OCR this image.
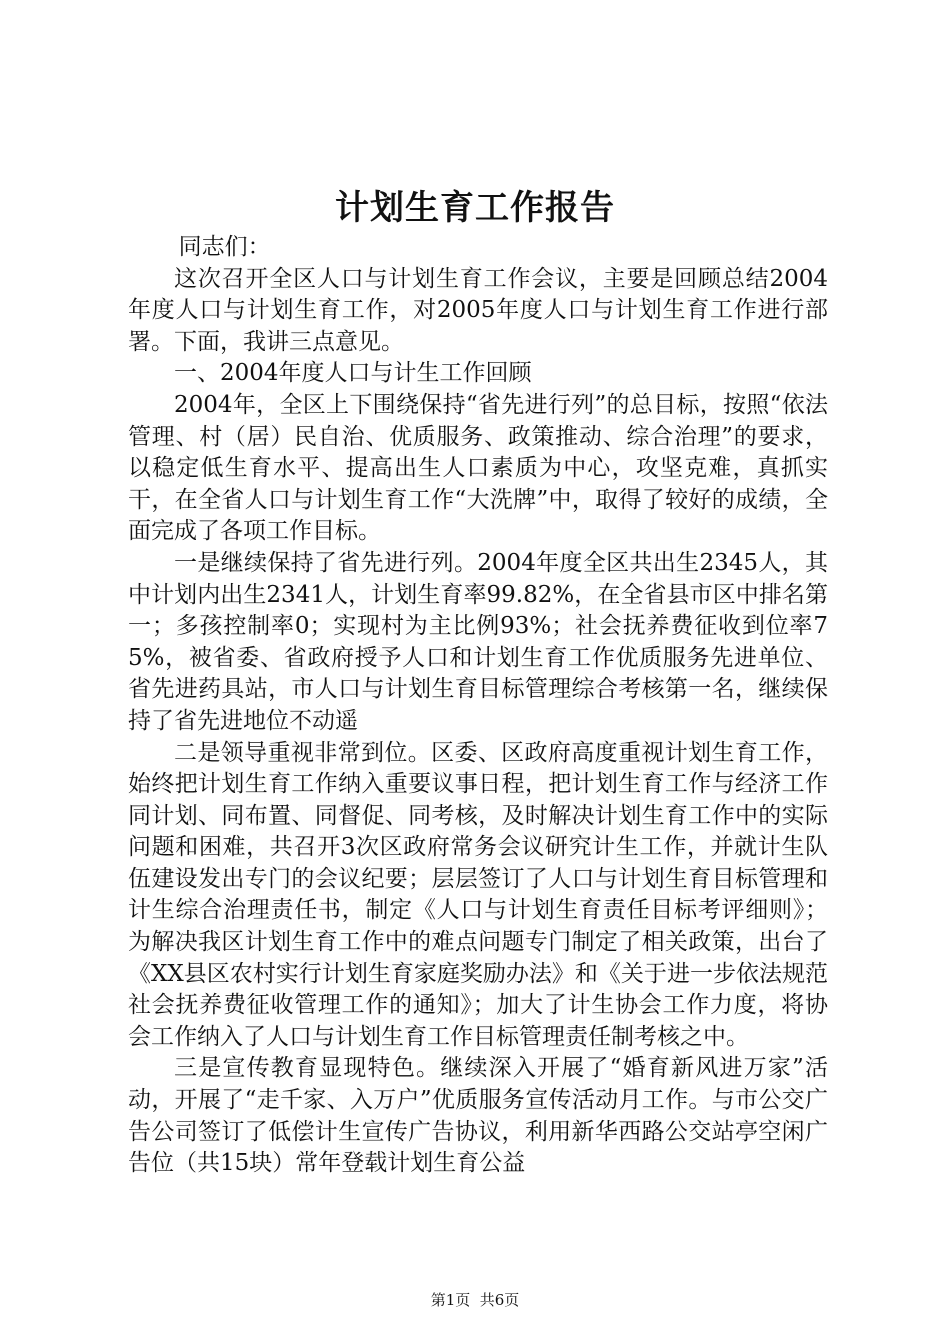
计划生育工作报告

同志们：

这次召开全区人口与计划生育工作会议，主要是回顾总结2004年度人口与计划生育工作，对2005年度人口与计划生育工作进行部署。下面，我讲三点意见。

一、2004年度人口与计生工作回顾

2004年，全区上下围绕保持“省先进行列”的总目标，按照“依法管理、村（居）民自治、优质服务、政策推动、综合治理”的要求，以稳定低生育水平、提高出生人口素质为中心，攻坚克难，真抓实干，在全省人口与计划生育工作“大洗牌”中，取得了较好的成绩，全面完成了各项工作目标。

一是继续保持了省先进行列。2004年度全区共出生2345人，其中计划内出生2341人，计划生育率99.82%，在全省县市区中排名第一；多孩控制率0；实现村为主比例93%；社会抚养费征收到位率75%，被省委、省政府授予人口和计划生育工作优质服务先进单位、省先进药具站，市人口与计划生育目标管理综合考核第一名，继续保持了省先进地位不动遥

二是领导重视非常到位。区委、区政府高度重视计划生育工作，始终把计划生育工作纳入重要议事日程，把计划生育工作与经济工作同计划、同布置、同督促、同考核，及时解决计划生育工作中的实际问题和困难，共召开3次区政府常务会议研究计生工作，并就计生队伍建设发出专门的会议纪要；层层签订了人口与计划生育目标管理和计生综合治理责任书，制定《人口与计划生育责任目标考评细则》；为解决我区计划生育工作中的难点问题专门制定了相关政策，出台了《XX县区农村实行计划生育家庭奖励办法》和《关于进一步依法规范社会抚养费征收管理工作的通知》；加大了计生协会工作力度，将协会工作纳入了人口与计划生育工作目标管理责任制考核之中。

三是宣传教育显现特色。继续深入开展了“婚育新风进万家”活动，开展了“走千家、入万户”优质服务宣传活动月工作。与市公交广告公司签订了低偿计生宣传广告协议，利用新华西路公交站亭空闲广告位（共15块）常年登载计划生育公益

第1页  共6页
